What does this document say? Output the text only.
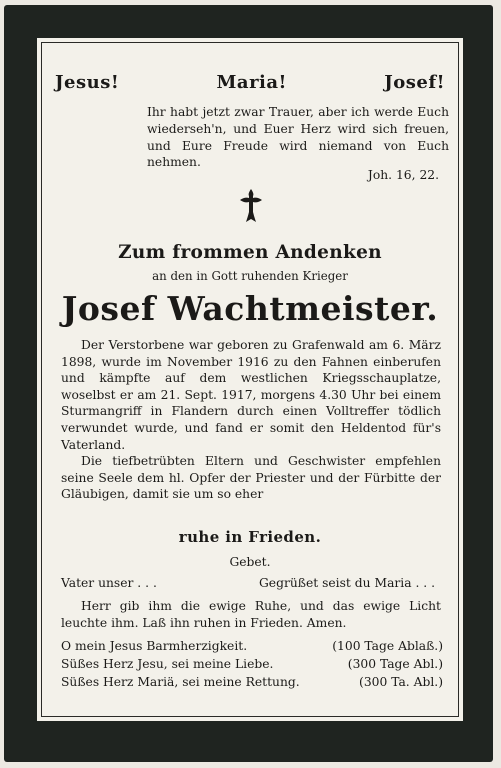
Jesus!	Maria!	Josef!
Ihr habt jetzt zwar Trauer, aber ich werde Euch wiederseh'n, und Euer Herz wird sich freuen, und Eure Freude wird niemand von Euch nehmen.
Joh. 16, 22.
Zum frommen Andenken
an den in Gott ruhenden Krieger
Josef Wachtmeister.

Der Verstorbene war geboren zu Grafenwald am 6. März 1898, wurde im November 1916 zu den Fahnen einberufen und kämpfte auf dem westlichen Kriegsschauplatze, woselbst er am 21. Sept. 1917, morgens 4.30 Uhr bei einem Sturmangriff in Flandern durch einen Volltreffer tödlich verwundet wurde, und fand er somit den Heldentod für's Vaterland.

Die tiefbetrübten Eltern und Geschwister empfehlen seine Seele dem hl. Opfer der Priester und der Fürbitte der Gläubigen, damit sie um so eher

ruhe in Frieden.
Gebet.
Vater unser . . .	Gegrüßet seist du Maria . . .
Herr gib ihm die ewige Ruhe, und das ewige Licht leuchte ihm. Laß ihn ruhen in Frieden. Amen.
O mein Jesus Barmherzigkeit.	(100 Tage Ablaß.)
Süßes Herz Jesu, sei meine Liebe.	(300 Tage Abl.)
Süßes Herz Mariä, sei meine Rettung.	(300 Ta. Abl.)
